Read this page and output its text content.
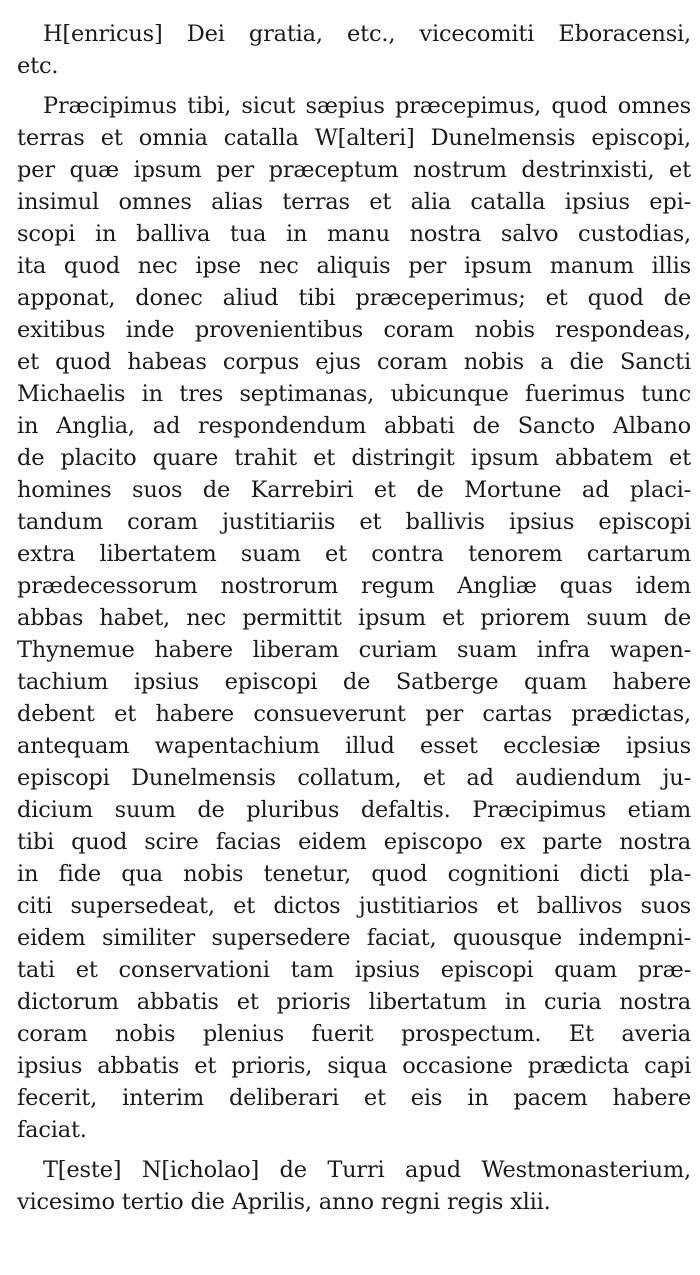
H[enricus] Dei gratia, etc., vicecomiti Eboracensi,
etc.
Præcipimus tibi, sicut sæpius præcepimus, quod omnes
terras et omnia catalla W[alteri] Dunelmensis episcopi,
per quæ ipsum per præceptum nostrum destrinxisti, et
insimul omnes alias terras et alia catalla ipsius epi-
scopi in balliva tua in manu nostra salvo custodias,
ita quod nec ipse nec aliquis per ipsum manum illis
apponat, donec aliud tibi præceperimus; et quod de
exitibus inde provenientibus coram nobis respondeas,
et quod habeas corpus ejus coram nobis a die Sancti
Michaelis in tres septimanas, ubicunque fuerimus tunc
in Anglia, ad respondendum abbati de Sancto Albano
de placito quare trahit et distringit ipsum abbatem et
homines suos de Karrebiri et de Mortune ad placi-
tandum coram justitiariis et ballivis ipsius episcopi
extra libertatem suam et contra tenorem cartarum
prædecessorum nostrorum regum Angliæ quas idem
abbas habet, nec permittit ipsum et priorem suum de
Thynemue habere liberam curiam suam infra wapen-
tachium ipsius episcopi de Satberge quam habere
debent et habere consueverunt per cartas prædictas,
antequam wapentachium illud esset ecclesiæ ipsius
episcopi Dunelmensis collatum, et ad audiendum ju-
dicium suum de pluribus defaltis. Præcipimus etiam
tibi quod scire facias eidem episcopo ex parte nostra
in fide qua nobis tenetur, quod cognitioni dicti pla-
citi supersedeat, et dictos justitiarios et ballivos suos
eidem similiter supersedere faciat, quousque indempni-
tati et conservationi tam ipsius episcopi quam præ-
dictorum abbatis et prioris libertatum in curia nostra
coram nobis plenius fuerit prospectum. Et averia
ipsius abbatis et prioris, siqua occasione prædicta capi
fecerit, interim deliberari et eis in pacem habere
faciat.
T[este] N[icholao] de Turri apud Westmonasterium,
vicesimo tertio die Aprilis, anno regni regis xlii.
